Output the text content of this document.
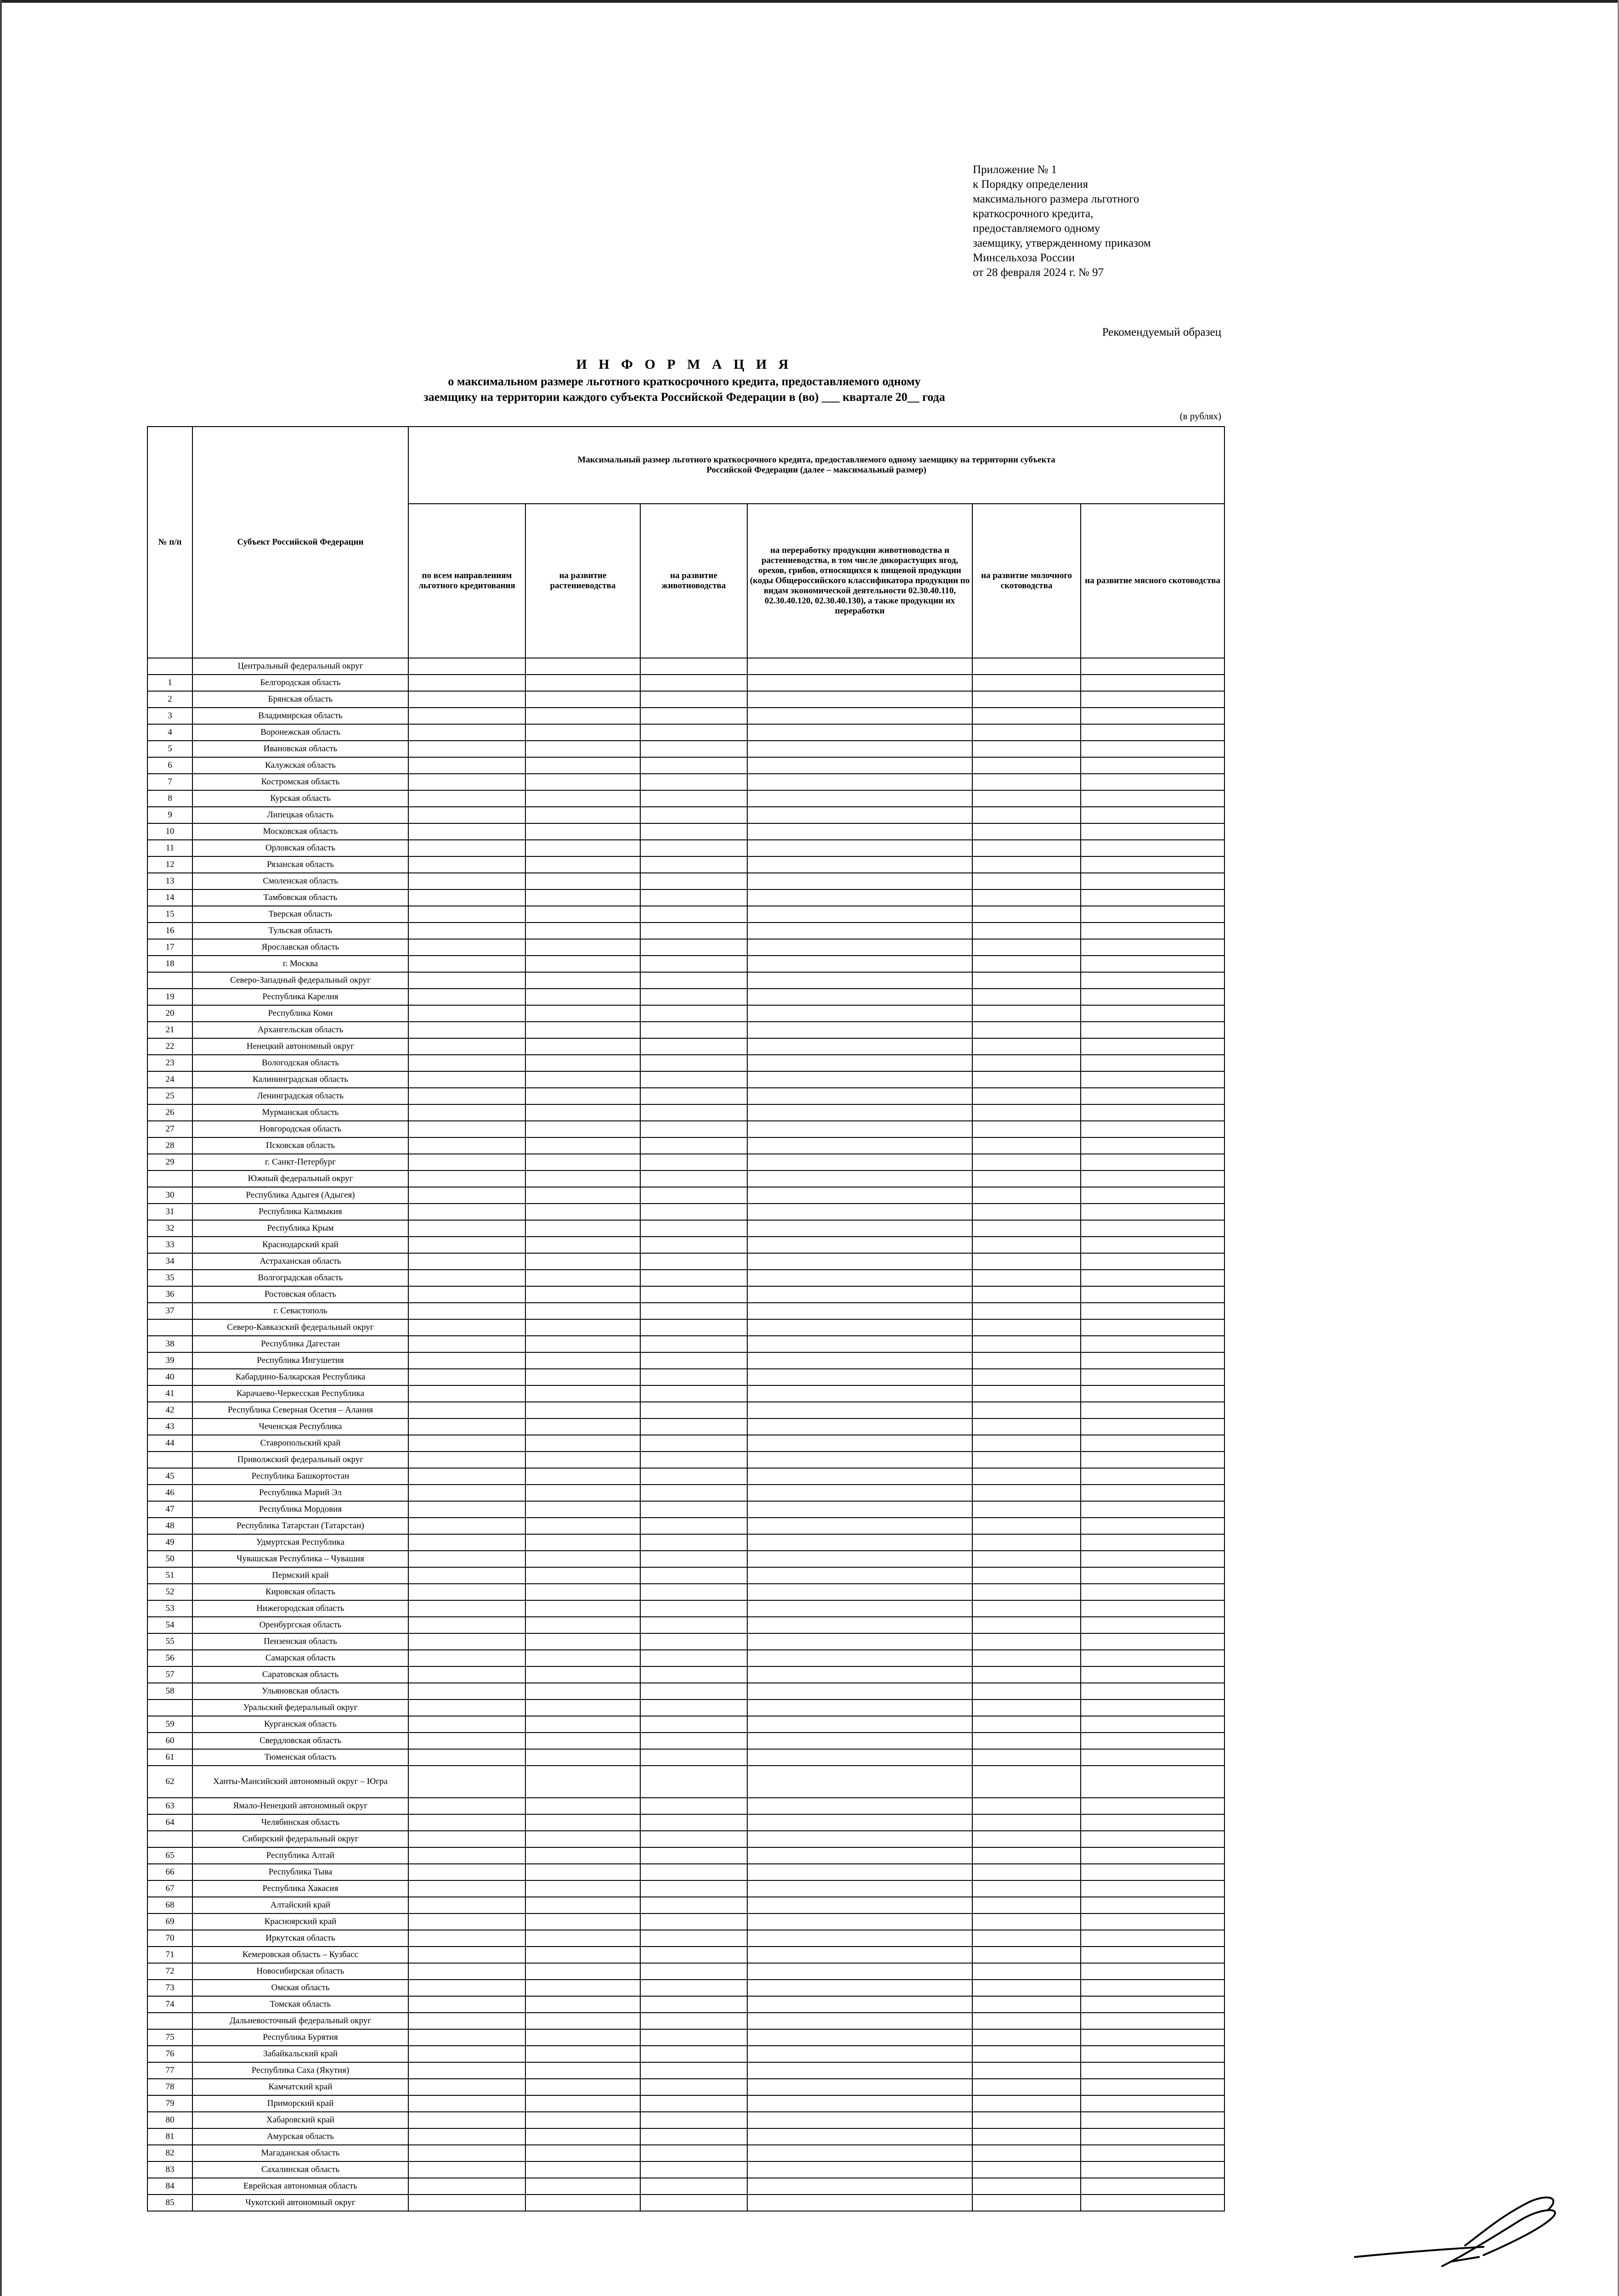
Приложение № 1
к Порядку определения
максимального размера льготного
краткосрочного кредита,
предоставляемого одному
заемщику, утвержденному приказом
Минсельхоза России
от 28 февраля 2024 г. № 97
Рекомендуемый образец
И Н Ф О Р М А Ц И Я
о максимальном размере льготного краткосрочного кредита, предоставляемого одному
заемщику на территории каждого субъекта Российской Федерации в (во) ___ квартале 20__ года
(в рублях)
№ п/п	Субъект Российской Федерации	Максимальный размер льготного краткосрочного кредита, предоставляемого одному заемщику на территории субъекта Российской Федерации (далее – максимальный размер)					
		по всем направлениям льготного кредитования	на развитие растениеводства	на развитие животноводства	на переработку продукции животноводства и растениеводства, в том числе дикорастущих ягод, орехов, грибов, относящихся к пищевой продукции (коды Общероссийского классификатора продукции по видам экономической деятельности 02.30.40.110, 02.30.40.120, 02.30.40.130), а также продукции их переработки	на развитие молочного скотоводства	на развитие мясного скотоводства
	Центральный федеральный округ						
1	Белгородская область						
2	Брянская область						
3	Владимирская область						
4	Воронежская область						
5	Ивановская область						
6	Калужская область						
7	Костромская область						
8	Курская область						
9	Липецкая область						
10	Московская область						
11	Орловская область						
12	Рязанская область						
13	Смоленская область						
14	Тамбовская область						
15	Тверская область						
16	Тульская область						
17	Ярославская область						
18	г. Москва						
	Северо-Западный федеральный округ						
19	Республика Карелия						
20	Республика Коми						
21	Архангельская область						
22	Ненецкий автономный округ						
23	Вологодская область						
24	Калининградская область						
25	Ленинградская область						
26	Мурманская область						
27	Новгородская область						
28	Псковская область						
29	г. Санкт-Петербург						
	Южный федеральный округ						
30	Республика Адыгея (Адыгея)						
31	Республика Калмыкия						
32	Республика Крым						
33	Краснодарский край						
34	Астраханская область						
35	Волгоградская область						
36	Ростовская область						
37	г. Севастополь						
	Северо-Кавказский федеральный округ						
38	Республика Дагестан						
39	Республика Ингушетия						
40	Кабардино-Балкарская Республика						
41	Карачаево-Черкесская Республика						
42	Республика Северная Осетия – Алания						
43	Чеченская Республика						
44	Ставропольский край						
	Приволжский федеральный округ						
45	Республика Башкортостан						
46	Республика Марий Эл						
47	Республика Мордовия						
48	Республика Татарстан (Татарстан)						
49	Удмуртская Республика						
50	Чувашская Республика – Чувашия						
51	Пермский край						
52	Кировская область						
53	Нижегородская область						
54	Оренбургская область						
55	Пензенская область						
56	Самарская область						
57	Саратовская область						
58	Ульяновская область						
	Уральский федеральный округ						
59	Курганская область						
60	Свердловская область						
61	Тюменская область						
62	Ханты-Мансийский автономный округ – Югра						
63	Ямало-Ненецкий автономный округ						
64	Челябинская область						
	Сибирский федеральный округ						
65	Республика Алтай						
66	Республика Тыва						
67	Республика Хакасия						
68	Алтайский край						
69	Красноярский край						
70	Иркутская область						
71	Кемеровская область – Кузбасс						
72	Новосибирская область						
73	Омская область						
74	Томская область						
	Дальневосточный федеральный округ						
75	Республика Бурятия						
76	Забайкальский край						
77	Республика Саха (Якутия)						
78	Камчатский край						
79	Приморский край						
80	Хабаровский край						
81	Амурская область						
82	Магаданская область						
83	Сахалинская область						
84	Еврейская автономная область						
85	Чукотский автономный округ						
